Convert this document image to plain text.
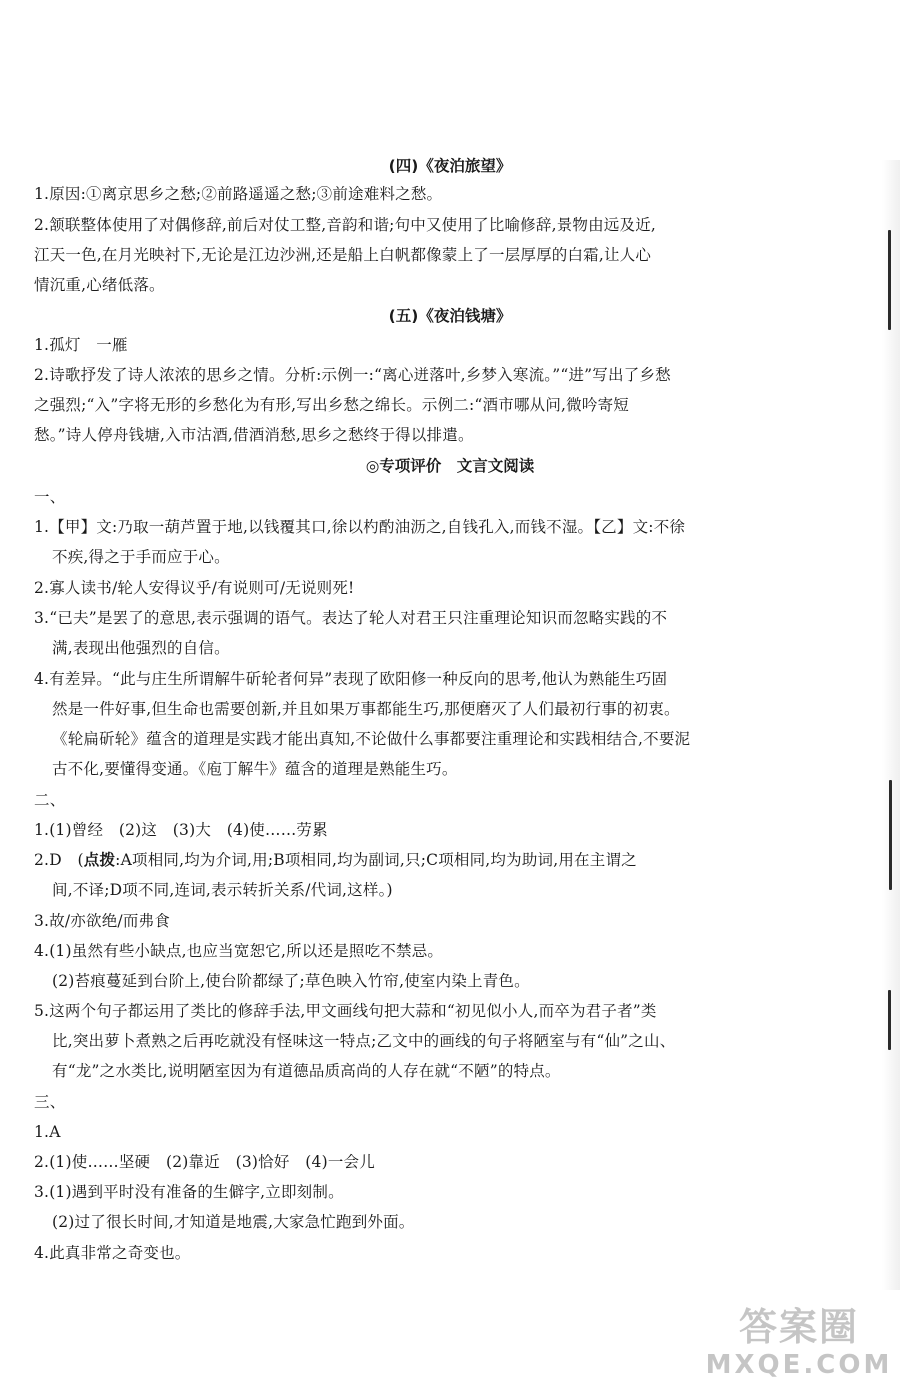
(四)《夜泊旅望》
1.原因:①离京思乡之愁;②前路遥遥之愁;③前途难料之愁。
2.颔联整体使用了对偶修辞,前后对仗工整,音韵和谐;句中又使用了比喻修辞,景物由远及近,
江天一色,在月光映衬下,无论是江边沙洲,还是船上白帆都像蒙上了一层厚厚的白霜,让人心
情沉重,心绪低落。
(五)《夜泊钱塘》
1.孤灯　一雁
2.诗歌抒发了诗人浓浓的思乡之情。分析:示例一:“离心迸落叶,乡梦入寒流。”“进”写出了乡愁
之强烈;“入”字将无形的乡愁化为有形,写出乡愁之绵长。示例二:“酒市哪从问,微吟寄短
愁。”诗人停舟钱塘,入市沽酒,借酒消愁,思乡之愁终于得以排遣。
◎专项评价　文言文阅读
一、
1.【甲】文:乃取一葫芦置于地,以钱覆其口,徐以杓酌油沥之,自钱孔入,而钱不湿。【乙】文:不徐
不疾,得之于手而应于心。
2.寡人读书/轮人安得议乎/有说则可/无说则死!
3.“已夫”是罢了的意思,表示强调的语气。表达了轮人对君王只注重理论知识而忽略实践的不
满,表现出他强烈的自信。
4.有差异。“此与庄生所谓解牛斫轮者何异”表现了欧阳修一种反向的思考,他认为熟能生巧固
然是一件好事,但生命也需要创新,并且如果万事都能生巧,那便磨灭了人们最初行事的初衷。
《轮扁斫轮》蕴含的道理是实践才能出真知,不论做什么事都要注重理论和实践相结合,不要泥
古不化,要懂得变通。《庖丁解牛》蕴含的道理是熟能生巧。
二、
1.(1)曾经　(2)这　(3)大　(4)使……劳累
2.D　(点拨:A项相同,均为介词,用;B项相同,均为副词,只;C项相同,均为助词,用在主谓之
间,不译;D项不同,连词,表示转折关系/代词,这样。)
3.故/亦欲绝/而弗食
4.(1)虽然有些小缺点,也应当宽恕它,所以还是照吃不禁忌。
(2)苔痕蔓延到台阶上,使台阶都绿了;草色映入竹帘,使室内染上青色。
5.这两个句子都运用了类比的修辞手法,甲文画线句把大蒜和“初见似小人,而卒为君子者”类
比,突出萝卜煮熟之后再吃就没有怪味这一特点;乙文中的画线的句子将陋室与有“仙”之山、
有“龙”之水类比,说明陋室因为有道德品质高尚的人存在就“不陋”的特点。
三、
1.A
2.(1)使……坚硬　(2)靠近　(3)恰好　(4)一会儿
3.(1)遇到平时没有准备的生僻字,立即刻制。
(2)过了很长时间,才知道是地震,大家急忙跑到外面。
4.此真非常之奇变也。
答案圈
MXQE.COM
